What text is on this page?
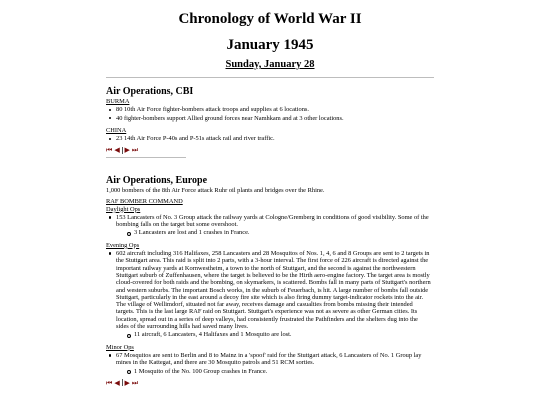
Chronology of World War II
January 1945
Sunday, January 28
Air Operations, CBI
BURMA
80 10th Air Force fighter-bombers attack troops and supplies at 6 locations.
40 fighter-bombers support Allied ground forces near Namhkam and at 3 other locations.
CHINA
23 14th Air Force P-40s and P-51s attack rail and river traffic.
⏮ ◀ ▶ ⏭
Air Operations, Europe

1,000 bombers of the 8th Air Force attack Ruhr oil plants and bridges over the Rhine.

RAF BOMBER COMMAND
Daylight Ops
153 Lancasters of No. 3 Group attack the railway yards at Cologne/Gremberg in conditions of good visibility. Some of the bombing falls on the target but some overshoot.
3 Lancasters are lost and 1 crashes in France.
Evening Ops
602 aircraft including 316 Halifaxes, 258 Lancasters and 28 Mosquitos of Nos. 1, 4, 6 and 8 Groups are sent to 2 targets in the Stuttgart area. This raid is split into 2 parts, with a 3-hour interval. The first force of 226 aircraft is directed against the important railway yards at Kornwestheim, a town to the north of Stuttgart, and the second is against the northwestern Stuttgart suburb of Zuffenhausen, where the target is believed to be the Hirth aero-engine factory. The target area is mostly cloud-covered for both raids and the bombing, on skymarkers, is scattered. Bombs fall in many parts of Stuttgart's northern and western suburbs. The important Bosch works, in the suburb of Feuerbach, is hit. A large number of bombs fall outside Stuttgart, particularly in the east around a decoy fire site which is also firing dummy target-indicator rockets into the air. The village of Wellimdorf, situated not far away, receives damage and casualties from bombs missing their intended targets. This is the last large RAF raid on Stuttgart. Stuttgart's experience was not as severe as other German cities. Its location, spread out in a series of deep valleys, had consistently frustrated the Pathfinders and the shelters dug into the sides of the surrounding hills had saved many lives.
11 aircraft, 6 Lancasters, 4 Halifaxes and 1 Mosquito are lost.
Minor Ops
67 Mosquitos are sent to Berlin and 8 to Mainz in a 'spoof' raid for the Stuttgart attack, 6 Lancasters of No. 1 Group lay mines in the Kattegat, and there are 30 Mosquito patrols and 51 RCM sorties.
1 Mosquito of the No. 100 Group crashes in France.
⏮ ◀ ▶ ⏭
